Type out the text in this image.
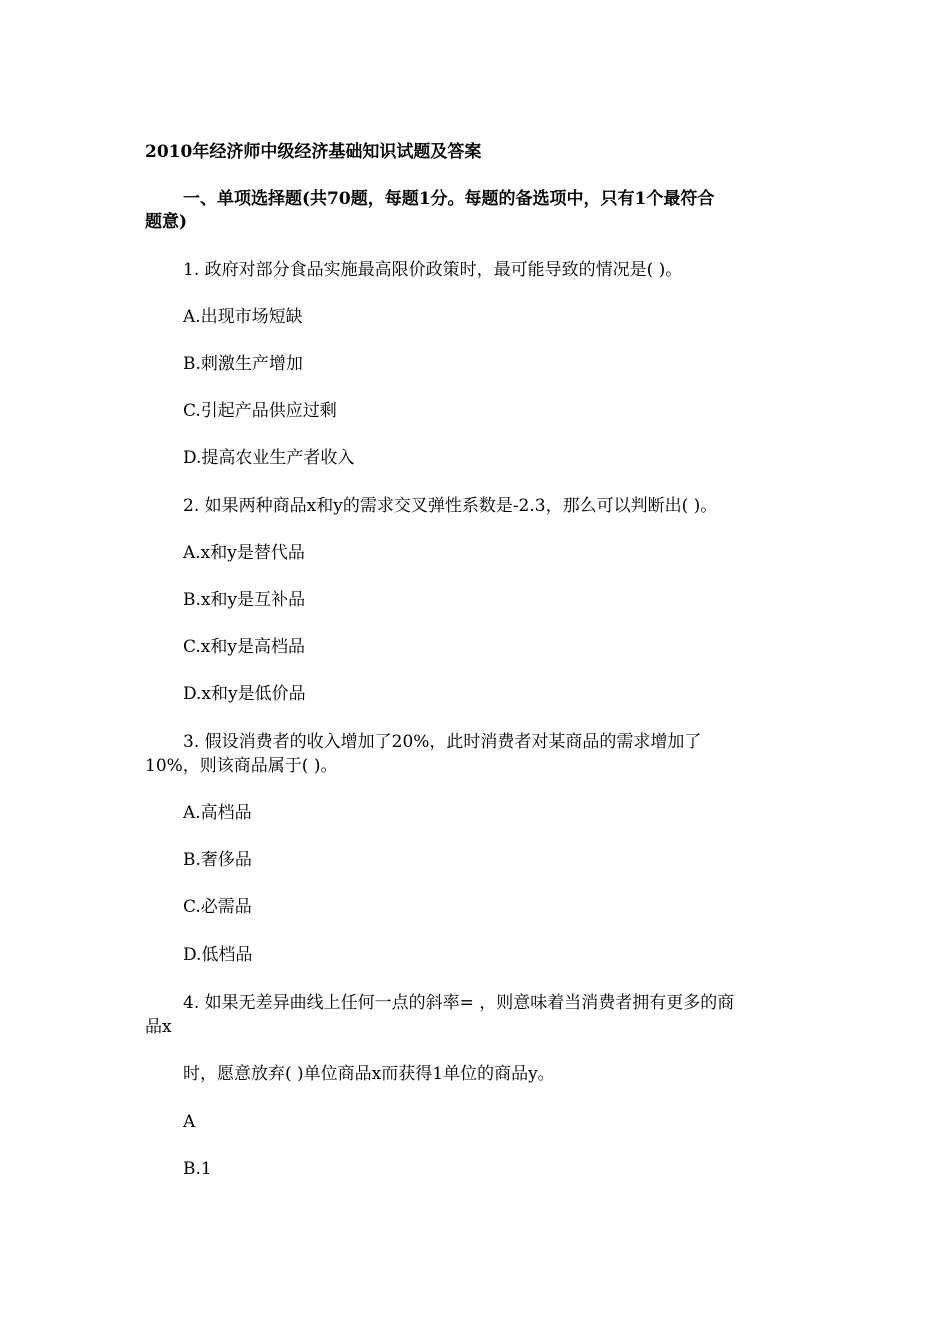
2010年经济师中级经济基础知识试题及答案
一、单项选择题(共70题，每题1分。每题的备选项中，只有1个最符合
题意)
1. 政府对部分食品实施最高限价政策时，最可能导致的情况是( )。
A.出现市场短缺
B.刺激生产增加
C.引起产品供应过剩
D.提高农业生产者收入
2. 如果两种商品x和y的需求交叉弹性系数是-2.3，那么可以判断出( )。
A.x和y是替代品
B.x和y是互补品
C.x和y是高档品
D.x和y是低价品
3. 假设消费者的收入增加了20%，此时消费者对某商品的需求增加了
10%，则该商品属于( )。
A.高档品
B.奢侈品
C.必需品
D.低档品
4. 如果无差异曲线上任何一点的斜率= ，则意味着当消费者拥有更多的商
品x
时，愿意放弃( )单位商品x而获得1单位的商品y。
A
B.1
